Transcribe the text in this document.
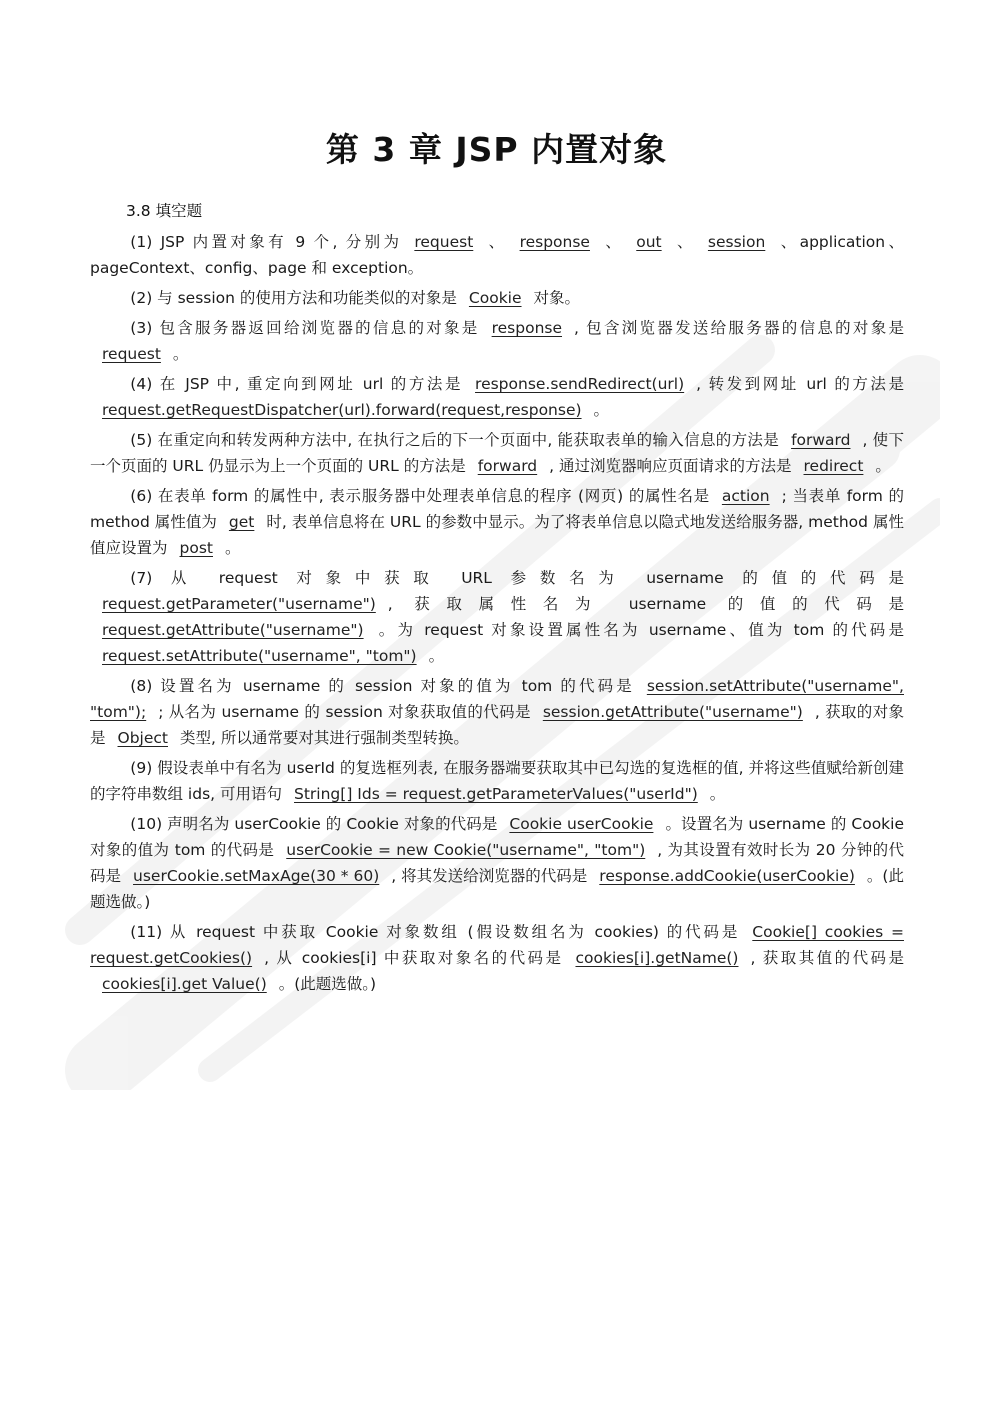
第 3 章 JSP 内置对象
3.8 填空题

(1) JSP 内置对象有 9 个, 分别为 request 、 response 、 out 、 session 、application、pageContext、config、page 和 exception。

(2) 与 session 的使用方法和功能类似的对象是 Cookie 对象。

(3) 包含服务器返回给浏览器的信息的对象是 response , 包含浏览器发送给服务器的信息的对象是request 。

(4) 在 JSP 中, 重定向到网址 url 的方法是 response.sendRedirect(url) , 转发到网址 url 的方法是request.getRequestDispatcher(url).forward(request,response) 。

(5) 在重定向和转发两种方法中, 在执行之后的下一个页面中, 能获取表单的输入信息的方法是 forward , 使下一个页面的 URL 仍显示为上一个页面的 URL 的方法是 forward , 通过浏览器响应页面请求的方法是 redirect 。

(6) 在表单 form 的属性中, 表示服务器中处理表单信息的程序 (网页) 的属性名是 action ; 当表单 form 的 method 属性值为 get 时, 表单信息将在 URL 的参数中显示。为了将表单信息以隐式地发送给服务器, method 属性值应设置为 post 。

(7) 从 request 对象中获取 URL 参数名为 username 的值的代码是request.getParameter("username") , 获取属性名为 username 的值的代码是request.getAttribute("username") 。为 request 对象设置属性名为 username、值为 tom 的代码是request.setAttribute("username", "tom") 。

(8) 设置名为 username 的 session 对象的值为 tom 的代码是 session.setAttribute("username", "tom"); ; 从名为 username 的 session 对象获取值的代码是 session.getAttribute("username") , 获取的对象是 Object 类型, 所以通常要对其进行强制类型转换。

(9) 假设表单中有名为 userId 的复选框列表, 在服务器端要获取其中已勾选的复选框的值, 并将这些值赋给新创建的字符串数组 ids, 可用语句 String[] Ids = request.getParameterValues("userId") 。

(10) 声明名为 userCookie 的 Cookie 对象的代码是 Cookie userCookie 。设置名为 username 的 Cookie 对象的值为 tom 的代码是 userCookie = new Cookie("username", "tom") , 为其设置有效时长为 20 分钟的代码是 userCookie.setMaxAge(30 * 60) , 将其发送给浏览器的代码是 response.addCookie(userCookie) 。(此题选做。)

(11) 从 request 中获取 Cookie 对象数组 (假设数组名为 cookies) 的代码是 Cookie[] cookies = request.getCookies() , 从 cookies[i] 中获取对象名的代码是 cookies[i].getName() , 获取其值的代码是cookies[i].get Value() 。(此题选做。)
